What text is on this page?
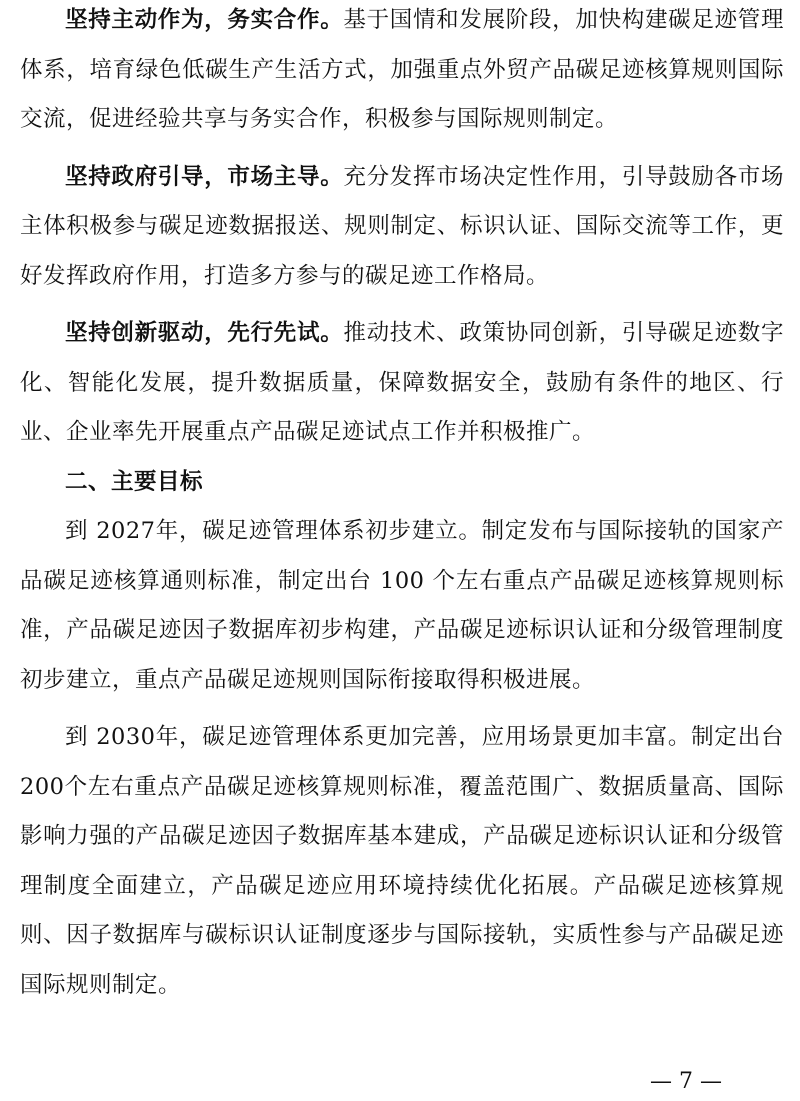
坚持主动作为，务实合作。基于国情和发展阶段，加快构建碳足迹管理体系，培育绿色低碳生产生活方式，加强重点外贸产品碳足迹核算规则国际交流，促进经验共享与务实合作，积极参与国际规则制定。

坚持政府引导，市场主导。充分发挥市场决定性作用，引导鼓励各市场主体积极参与碳足迹数据报送、规则制定、标识认证、国际交流等工作，更好发挥政府作用，打造多方参与的碳足迹工作格局。

坚持创新驱动，先行先试。推动技术、政策协同创新，引导碳足迹数字化、智能化发展，提升数据质量，保障数据安全，鼓励有条件的地区、行业、企业率先开展重点产品碳足迹试点工作并积极推广。

二、主要目标

到 2027年，碳足迹管理体系初步建立。制定发布与国际接轨的国家产品碳足迹核算通则标准，制定出台 100 个左右重点产品碳足迹核算规则标准，产品碳足迹因子数据库初步构建，产品碳足迹标识认证和分级管理制度初步建立，重点产品碳足迹规则国际衔接取得积极进展。

到 2030年，碳足迹管理体系更加完善，应用场景更加丰富。制定出台 200个左右重点产品碳足迹核算规则标准，覆盖范围广、数据质量高、国际影响力强的产品碳足迹因子数据库基本建成，产品碳足迹标识认证和分级管理制度全面建立，产品碳足迹应用环境持续优化拓展。产品碳足迹核算规则、因子数据库与碳标识认证制度逐步与国际接轨，实质性参与产品碳足迹国际规则制定。

— 7 —
